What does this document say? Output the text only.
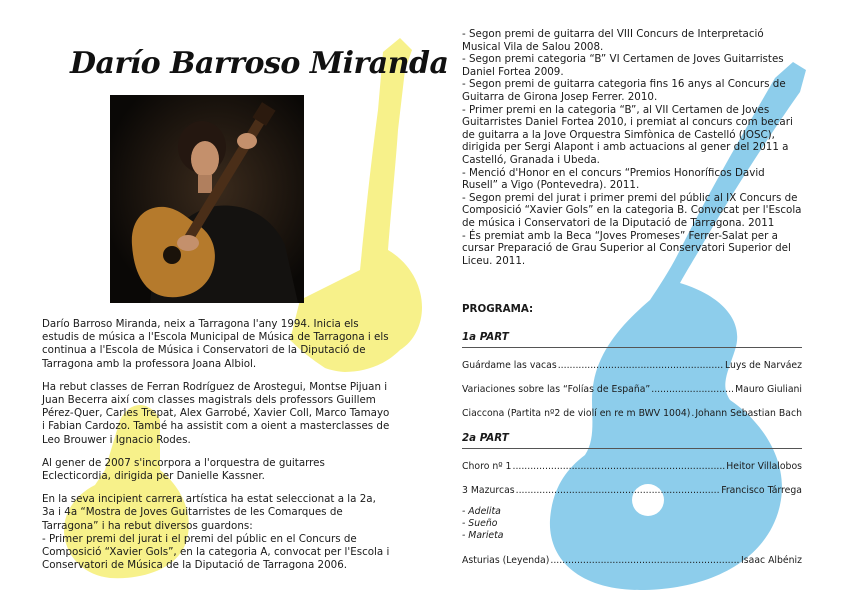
Darío Barroso Miranda

Darío Barroso Miranda, neix a Tarragona l'any 1994. Inicia els estudis de música a l'Escola Municipal de Música de Tarragona i els continua a l'Escola de Música i Conservatori de la Diputació de Tarragona amb la professora Joana Albiol.

Ha rebut classes de Ferran Rodríguez de Arostegui, Montse Pijuan i Juan Becerra així com classes magistrals dels professors Guillem Pérez-Quer, Carles Trepat, Alex Garrobé, Xavier Coll, Marco Tamayo i Fabian Cardozo. També ha assistit com a oient a masterclasses de Leo Brouwer i Ignacio Rodes.

Al gener de 2007 s'incorpora a l'orquestra de guitarres Eclecticordia, dirigida per Danielle Kassner.

En la seva incipient carrera artística ha estat seleccionat a la 2a, 3a i 4a “Mostra de Joves Guitarristes de les Comarques de Tarragona” i ha rebut diversos guardons:

- Primer premi del jurat i el premi del públic en el Concurs de Composició “Xavier Gols”, en la categoria A, convocat per l'Escola i Conservatori de Música de la Diputació de Tarragona 2006.

- Segon premi de guitarra del VIII Concurs de Interpretació Musical Vila de Salou 2008.
- Segon premi categoria “B” VI Certamen de Joves Guitarristes Daniel Fortea 2009.
- Segon premi de guitarra categoria fins 16 anys al Concurs de Guitarra de Girona Josep Ferrer. 2010.
- Primer premi en la categoria “B”, al VII Certamen de Joves Guitarristes Daniel Fortea 2010, i premiat al concurs com becari de guitarra a la Jove Orquestra Simfònica de Castelló (JOSC), dirigida per Sergi Alapont i amb actuacions al gener del 2011 a Castelló, Granada i Ubeda.
- Menció d'Honor en el concurs “Premios Honoríficos David Rusell” a Vigo (Pontevedra). 2011.
- Segon premi del jurat i primer premi del públic al IX Concurs de Composició “Xavier Gols” en la categoria B. Convocat per l'Escola de música i Conservatori de la Diputació de Tarragona. 2011
- És premiat amb la Beca “Joves Promeses” Ferrer-Salat per a cursar Preparació de Grau Superior al Conservatori Superior del Liceu. 2011.
PROGRAMA:
1a PART
Guárdame las vacas .....	Luys de Narváez
Variaciones sobre las “Folías de España” .....	Mauro Giuliani
Ciaccona (Partita nº2 de violí en re m BWV 1004) ..... Johann Sebastian Bach
2a PART
Choro nº 1 .....	Heitor Villalobos
3 Mazurcas .....	Francisco Tárrega
- Adelita
- Sueño
- Marieta
Asturias (Leyenda) .....	Isaac Albéniz
